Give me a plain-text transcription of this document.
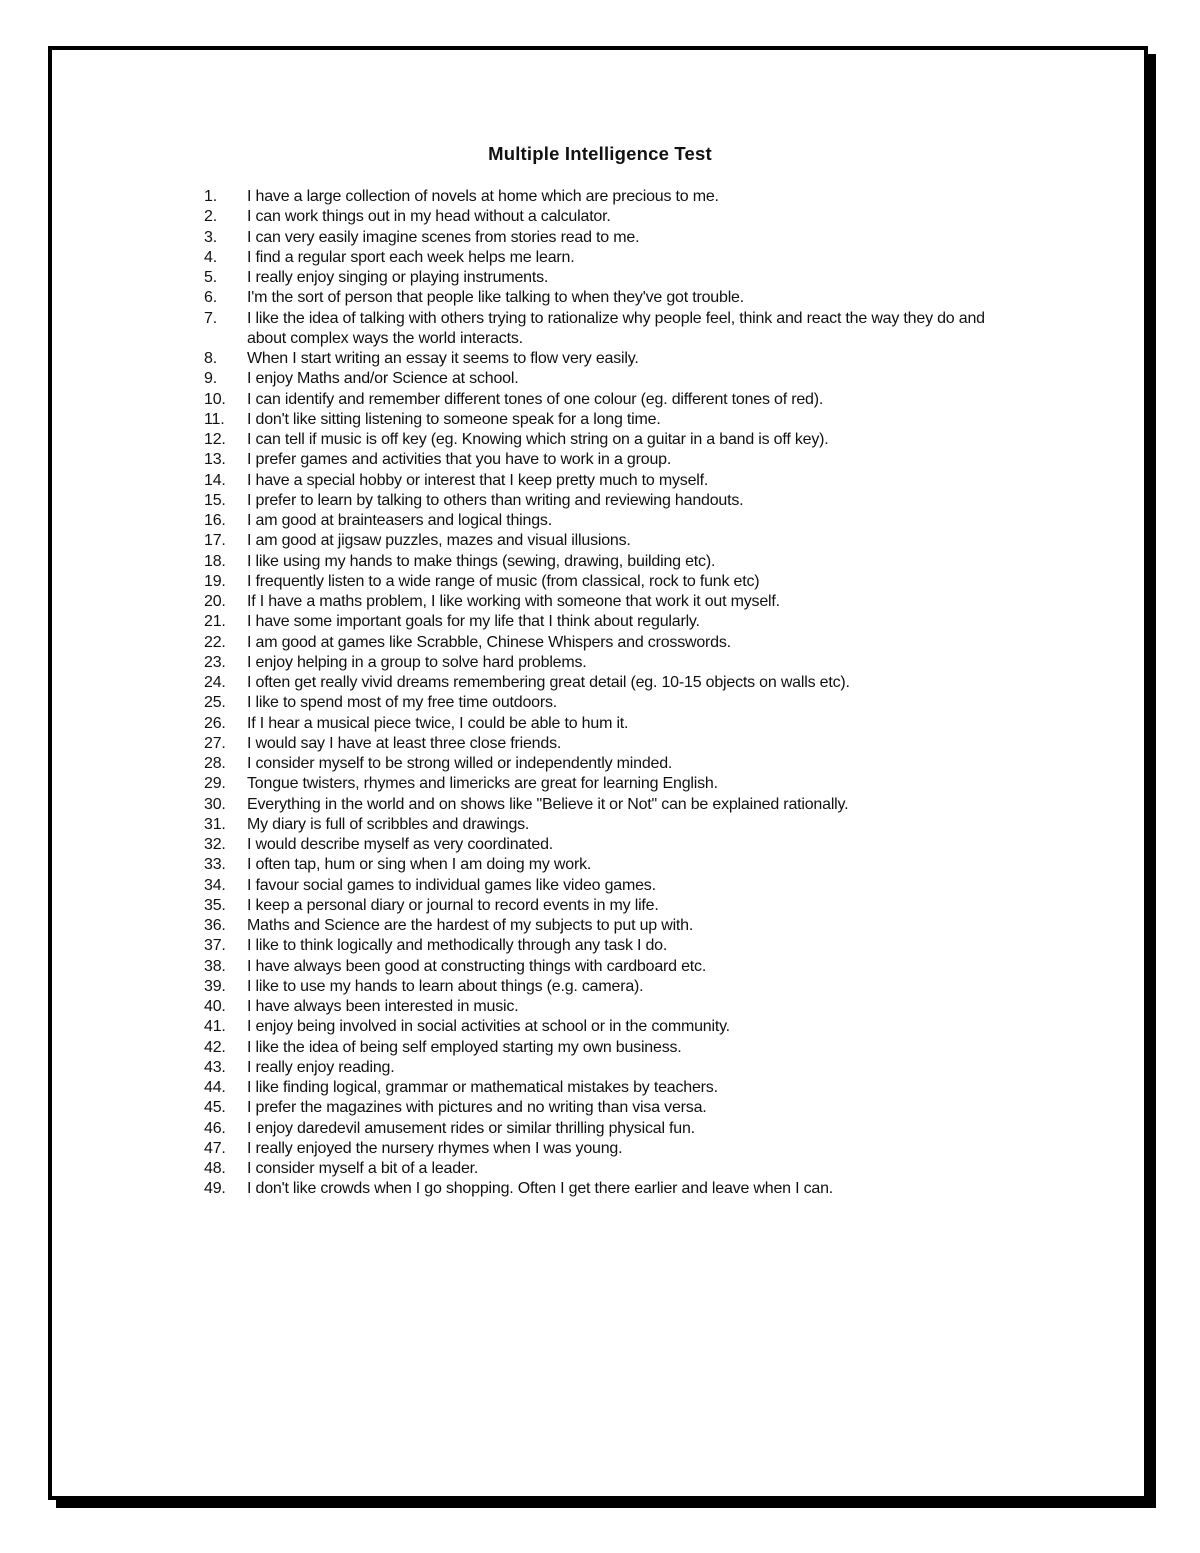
Multiple Intelligence Test
1.	I have a large collection of novels at home which are precious to me.
2.	I can work things out in my head without a calculator.
3.	I can very easily imagine scenes from stories read to me.
4.	I find a regular sport each week helps me learn.
5.	I really enjoy singing or playing instruments.
6.	I'm the sort of person that people like talking to when they've got trouble.
7.	I like the idea of talking with others trying to rationalize why people feel, think and react the way they do and about complex ways the world interacts.
8.	When I start writing an essay it seems to flow very easily.
9.	I enjoy Maths and/or Science at school.
10.	I can identify and remember different tones of one colour (eg. different tones of red).
11.	I don't like sitting listening to someone speak for a long time.
12.	I can tell if music is off key (eg. Knowing which string on a guitar in a band is off key).
13.	I prefer games and activities that you have to work in a group.
14.	I have a special hobby or interest that I keep pretty much to myself.
15.	I prefer to learn by talking to others than writing and reviewing handouts.
16.	I am good at brainteasers and logical things.
17.	I am good at jigsaw puzzles, mazes and visual illusions.
18.	I like using my hands to make things (sewing, drawing, building etc).
19.	I frequently listen to a wide range of music (from classical, rock to funk etc)
20.	If I have a maths problem, I like working with someone that work it out myself.
21.	I have some important goals for my life that I think about regularly.
22.	I am good at games like Scrabble, Chinese Whispers and crosswords.
23.	I enjoy helping in a group to solve hard problems.
24.	I often get really vivid dreams remembering great detail (eg. 10-15 objects on walls etc).
25.	I like to spend most of my free time outdoors.
26.	If I hear a musical piece twice, I could be able to hum it.
27.	I would say I have at least three close friends.
28.	I consider myself to be strong willed or independently minded.
29.	Tongue twisters, rhymes and limericks are great for learning English.
30.	Everything in the world and on shows like "Believe it or Not" can be explained rationally.
31.	My diary is full of scribbles and drawings.
32.	I would describe myself as very coordinated.
33.	I often tap, hum or sing when I am doing my work.
34.	I favour social games to individual games like video games.
35.	I keep a personal diary or journal to record events in my life.
36.	Maths and Science are the hardest of my subjects to put up with.
37.	I like to think logically and methodically through any task I do.
38.	I have always been good at constructing things with cardboard etc.
39.	I like to use my hands to learn about things (e.g. camera).
40.	I have always been interested in music.
41.	I enjoy being involved in social activities at school or in the community.
42.	I like the idea of being self employed starting my own business.
43.	I really enjoy reading.
44.	I like finding logical, grammar or mathematical mistakes by teachers.
45.	I prefer the magazines with pictures and no writing than visa versa.
46.	I enjoy daredevil amusement rides or similar thrilling physical fun.
47.	I really enjoyed the nursery rhymes when I was young.
48.	I consider myself a bit of a leader.
49.	I don't like crowds when I go shopping. Often I get there earlier and leave when I can.
